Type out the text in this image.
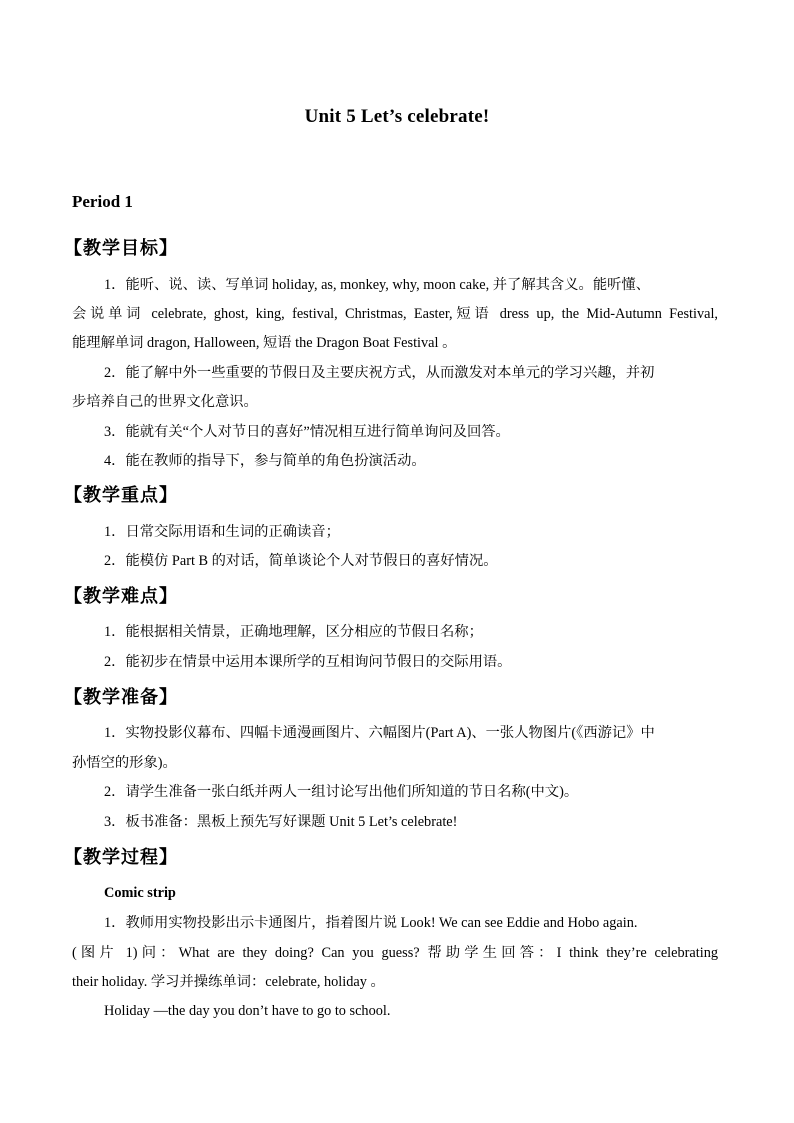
Unit 5 Let’s celebrate!
Period 1
【教学目标】
1．能听、说、读、写单词 holiday, as, monkey, why, moon cake, 并了解其含义。能听懂、
会说单词 celebrate, ghost, king, festival, Christmas, Easter,短语 dress up, the Mid-Autumn Festival,
能理解单词 dragon, Halloween, 短语 the Dragon Boat Festival 。
2．能了解中外一些重要的节假日及主要庆祝方式，从而激发对本单元的学习兴趣，并初
步培养自己的世界文化意识。
3．能就有关“个人对节日的喜好”情况相互进行简单询问及回答。
4．能在教师的指导下，参与简单的角色扮演活动。
【教学重点】
1．日常交际用语和生词的正确读音；
2．能模仿 Part B 的对话，简单谈论个人对节假日的喜好情况。
【教学难点】
1．能根据相关情景，正确地理解，区分相应的节假日名称；
2．能初步在情景中运用本课所学的互相询问节假日的交际用语。
【教学准备】
1．实物投影仪幕布、四幅卡通漫画图片、六幅图片(Part A)、一张人物图片(《西游记》中
孙悟空的形象)。
2．请学生准备一张白纸并两人一组讨论写出他们所知道的节日名称(中文)。
3．板书准备：黑板上预先写好课题 Unit 5 Let’s celebrate!
【教学过程】
Comic strip
1．教师用实物投影出示卡通图片，指着图片说 Look! We can see Eddie and Hobo again.
(图片 1)问：What are they doing? Can you guess? 帮助学生回答：I think they’re celebrating
their holiday. 学习并操练单词：celebrate, holiday 。
Holiday —the day you don’t have to go to school.
